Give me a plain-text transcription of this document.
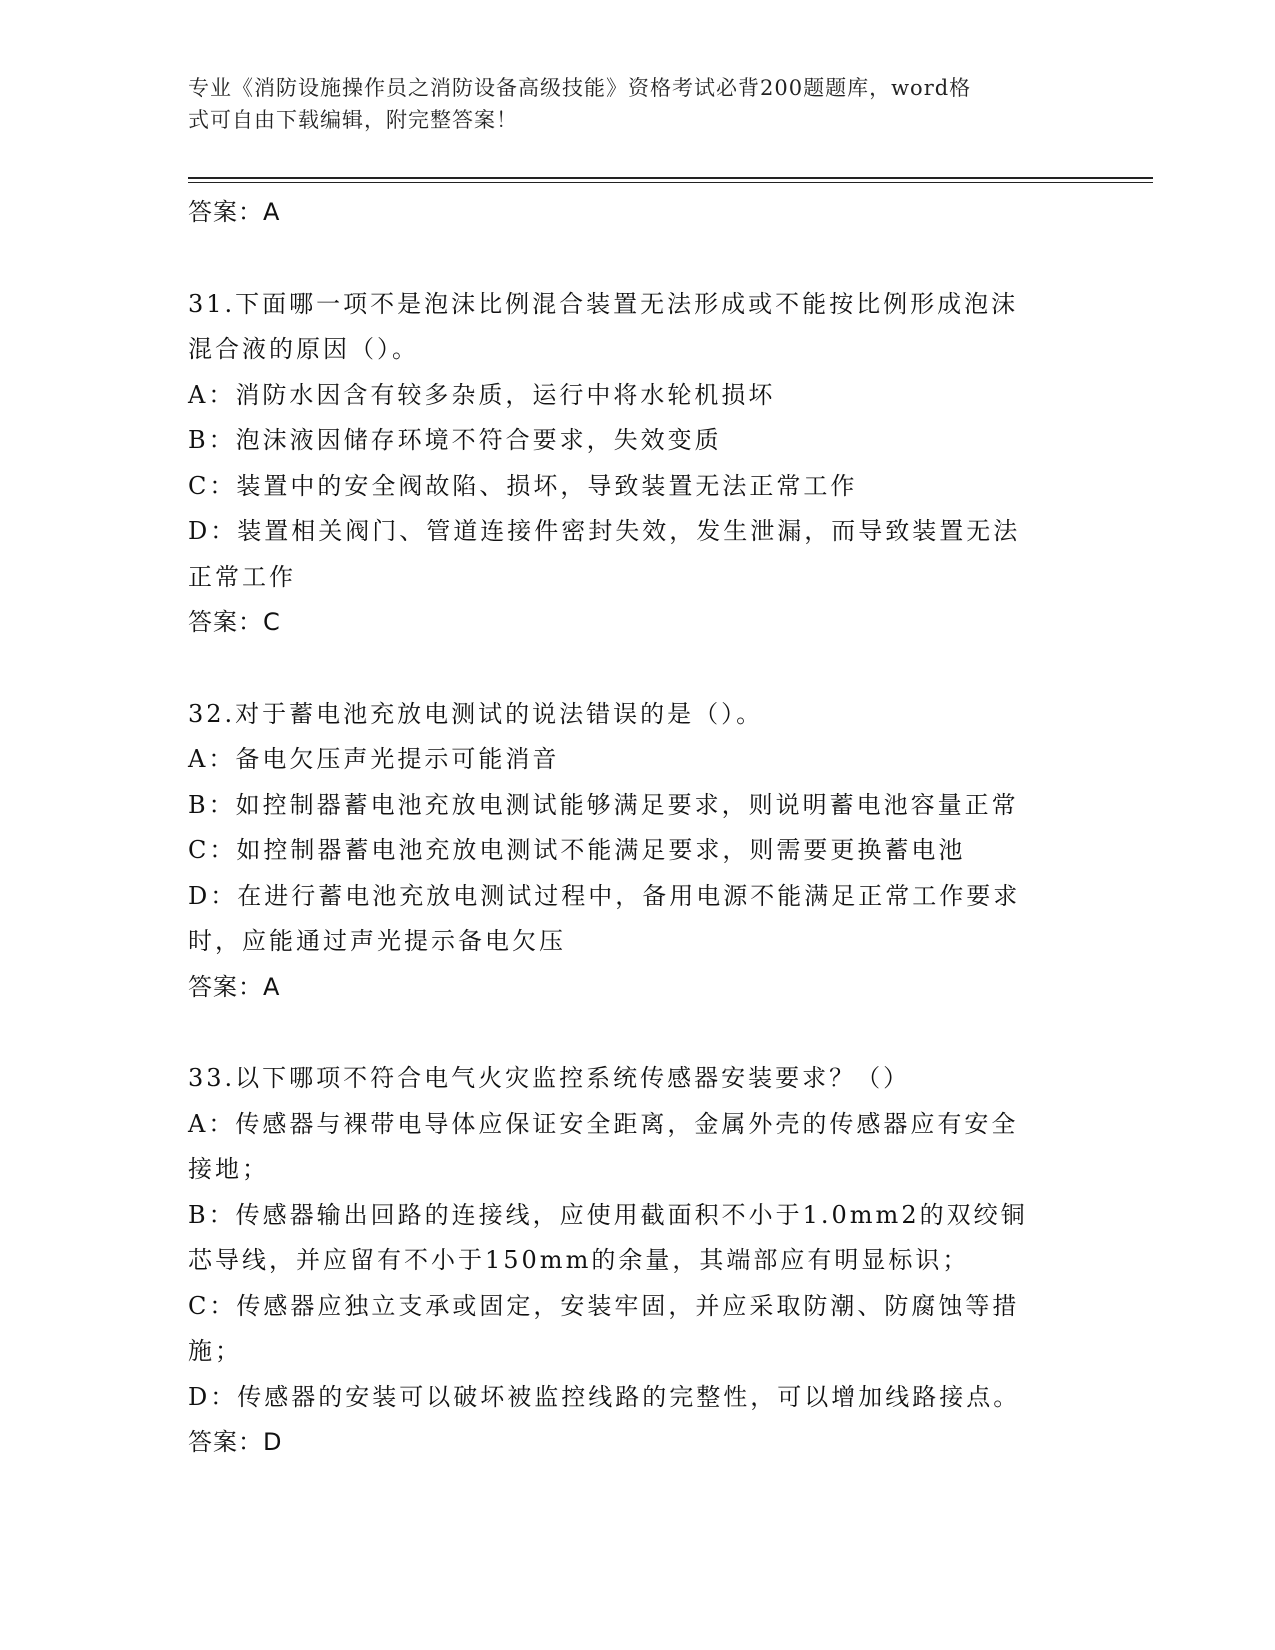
专业《消防设施操作员之消防设备高级技能》资格考试必背200题题库，word格
式可自由下载编辑，附完整答案！

答案：A

31.下面哪一项不是泡沫比例混合装置无法形成或不能按比例形成泡沫

混合液的原因（）。

A：消防水因含有较多杂质，运行中将水轮机损坏

B：泡沫液因储存环境不符合要求，失效变质

C：装置中的安全阀故陷、损坏，导致装置无法正常工作

D：装置相关阀门、管道连接件密封失效，发生泄漏，而导致装置无法

正常工作

答案：C

32.对于蓄电池充放电测试的说法错误的是（）。

A：备电欠压声光提示可能消音

B：如控制器蓄电池充放电测试能够满足要求，则说明蓄电池容量正常

C：如控制器蓄电池充放电测试不能满足要求，则需要更换蓄电池

D：在进行蓄电池充放电测试过程中，备用电源不能满足正常工作要求

时，应能通过声光提示备电欠压

答案：A

33.以下哪项不符合电气火灾监控系统传感器安装要求？（）

A：传感器与裸带电导体应保证安全距离，金属外壳的传感器应有安全

接地；

B：传感器输出回路的连接线，应使用截面积不小于1.0mm2的双绞铜

芯导线，并应留有不小于150mm的余量，其端部应有明显标识；

C：传感器应独立支承或固定，安装牢固，并应采取防潮、防腐蚀等措

施；

D：传感器的安装可以破坏被监控线路的完整性，可以增加线路接点。

答案：D
